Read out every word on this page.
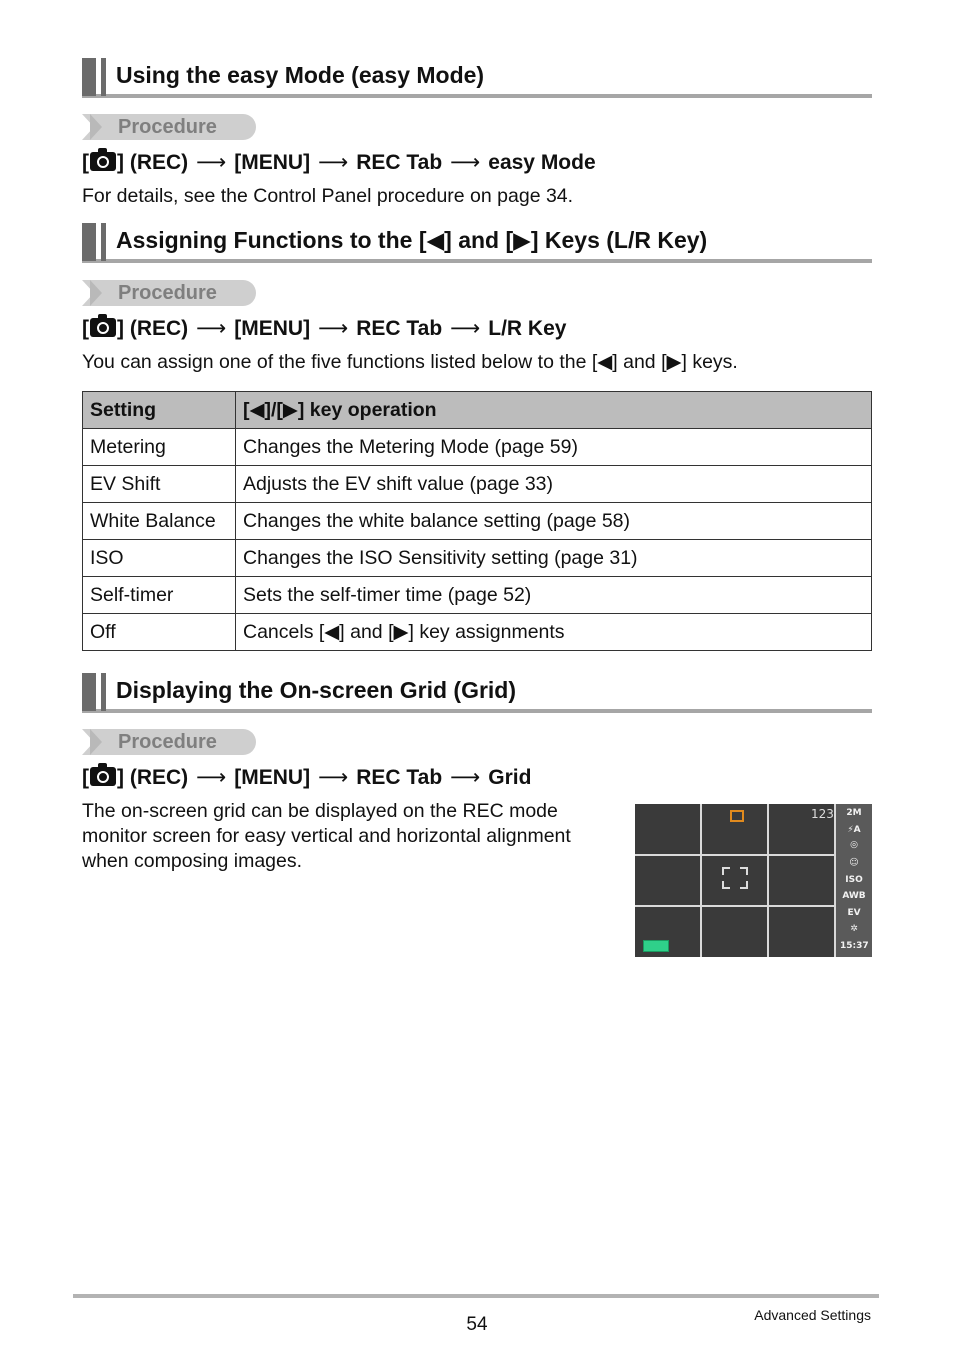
Using the easy Mode (easy Mode)
Procedure
[ ] (REC) ⟶ [MENU] ⟶ REC Tab ⟶ easy Mode
For details, see the Control Panel procedure on page 34.
Assigning Functions to the [◀] and [▶] Keys (L/R Key)
Procedure
[ ] (REC) ⟶ [MENU] ⟶ REC Tab ⟶ L/R Key
You can assign one of the five functions listed below to the [◀] and [▶] keys.
Setting	[◀]/[▶] key operation
Metering	Changes the Metering Mode (page 59)
EV Shift	Adjusts the EV shift value (page 33)
White Balance	Changes the white balance setting (page 58)
ISO	Changes the ISO Sensitivity setting (page 31)
Self-timer	Sets the self-timer time (page 52)
Off	Cancels [◀] and [▶] key assignments
Displaying the On-screen Grid (Grid)
Procedure
[ ] (REC) ⟶ [MENU] ⟶ REC Tab ⟶ Grid
The on-screen grid can be displayed on the REC mode
monitor screen for easy vertical and horizontal alignment
when composing images.
123	2M
⚡A
◎
☺
ISO
AWB
EV
✲
15:37
54	Advanced Settings
